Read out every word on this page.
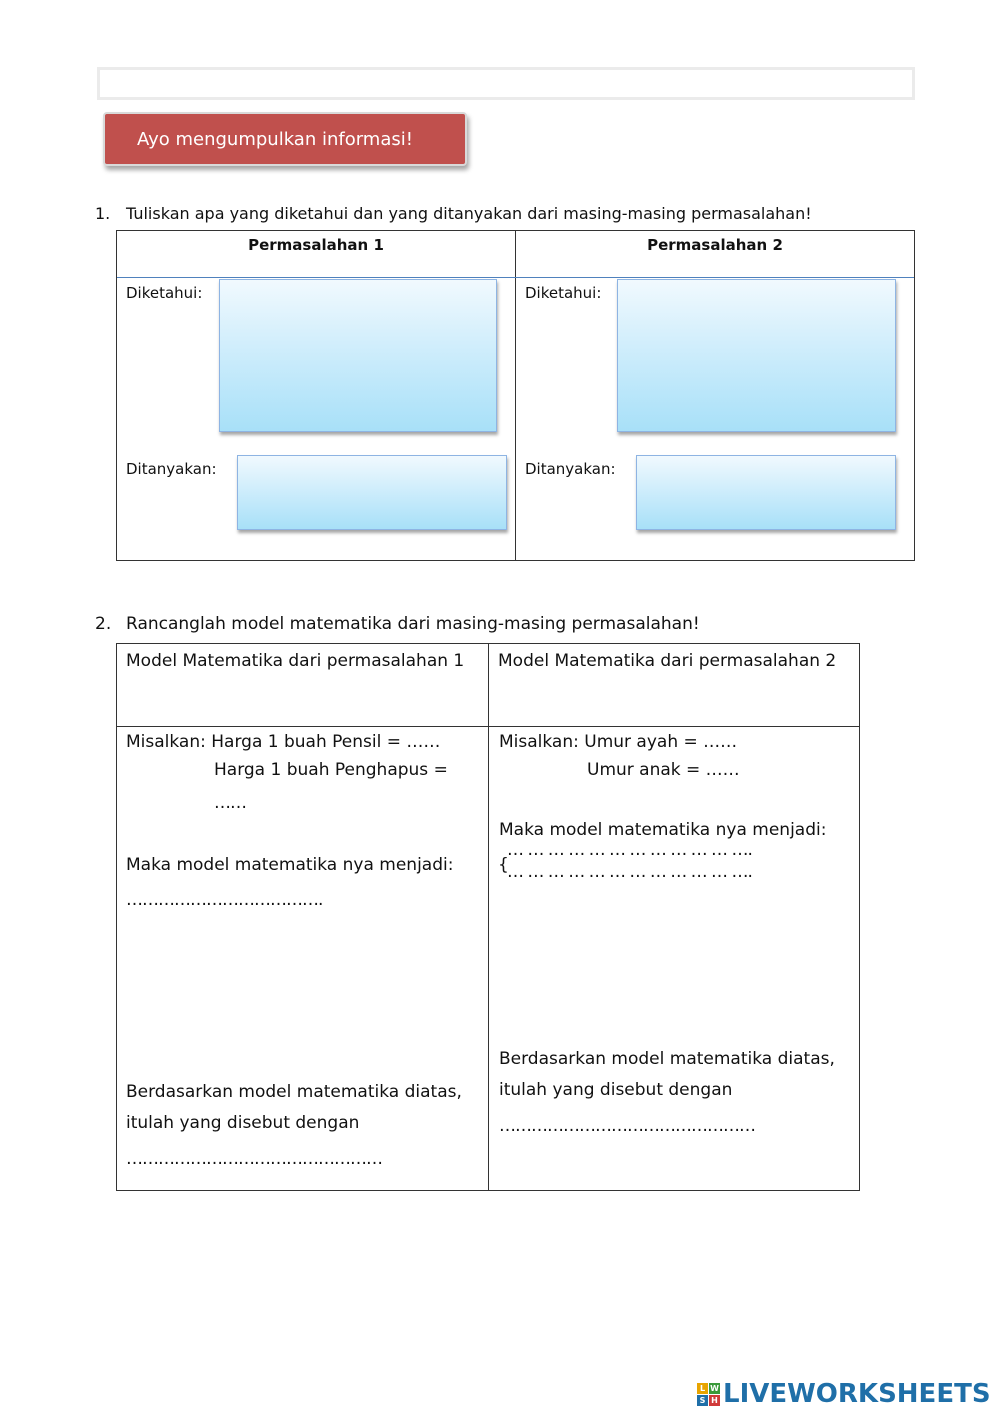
Ayo mengumpulkan informasi!
1. Tuliskan apa yang diketahui dan yang ditanyakan dari masing-masing permasalahan!
Permasalahan 1	Permasalahan 2
Diketahui:
Ditanyakan:
Diketahui:
Ditanyakan:
2. Rancanglah model matematika dari masing-masing permasalahan!
Model Matematika dari permasalahan 1	Model Matematika dari permasalahan 2
Misalkan: Harga 1 buah Pensil = ……
Harga 1 buah Penghapus =
……
Maka model matematika nya menjadi:
……………………………….
Berdasarkan model matematika diatas, itulah yang disebut dengan
…………………………………………
Misalkan: Umur ayah = ……
Umur anak = ……
Maka model matematika nya menjadi:
… … … … … … … … … … … ….
{
… … … … … … … … … … … ….
Berdasarkan model matematika diatas, itulah yang disebut dengan
…………………………………………
L W
S H LIVEWORKSHEETS
